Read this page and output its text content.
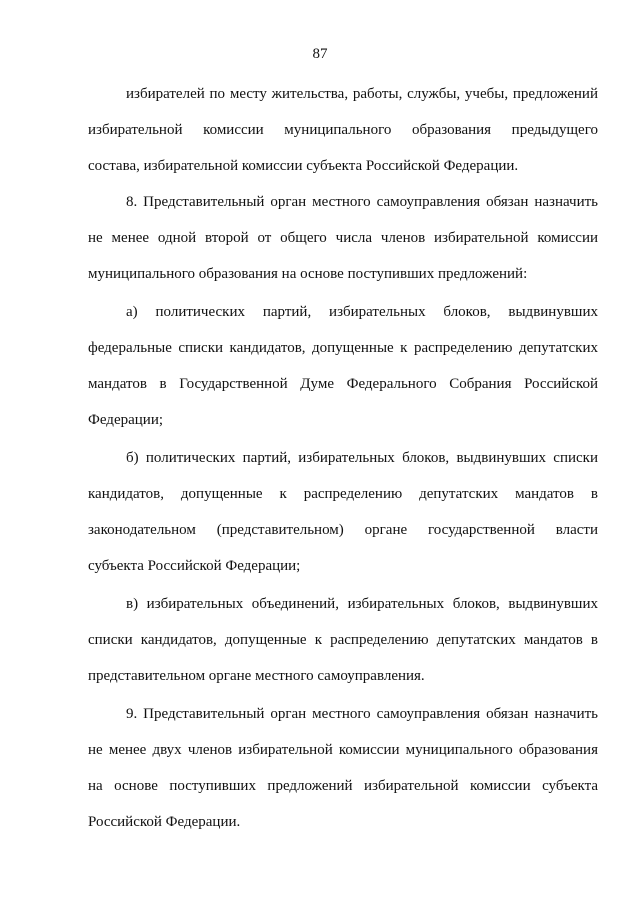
87
избирателей по месту жительства, работы, службы, учебы, предложений
избирательной комиссии муниципального образования предыдущего
состава, избирательной комиссии субъекта Российской Федерации.
8. Представительный орган местного самоуправления обязан назначить
не менее одной второй от общего числа членов избирательной комиссии
муниципального образования на основе поступивших предложений:
а) политических партий, избирательных блоков, выдвинувших
федеральные списки кандидатов, допущенные к распределению депутатских
мандатов в Государственной Думе Федерального Собрания Российской
Федерации;
б) политических партий, избирательных блоков, выдвинувших списки
кандидатов, допущенные к распределению депутатских мандатов в
законодательном (представительном) органе государственной власти
субъекта Российской Федерации;
в) избирательных объединений, избирательных блоков, выдвинувших
списки кандидатов, допущенные к распределению депутатских мандатов в
представительном органе местного самоуправления.
9. Представительный орган местного самоуправления обязан назначить
не менее двух членов избирательной комиссии муниципального образования
на основе поступивших предложений избирательной комиссии субъекта
Российской Федерации.
